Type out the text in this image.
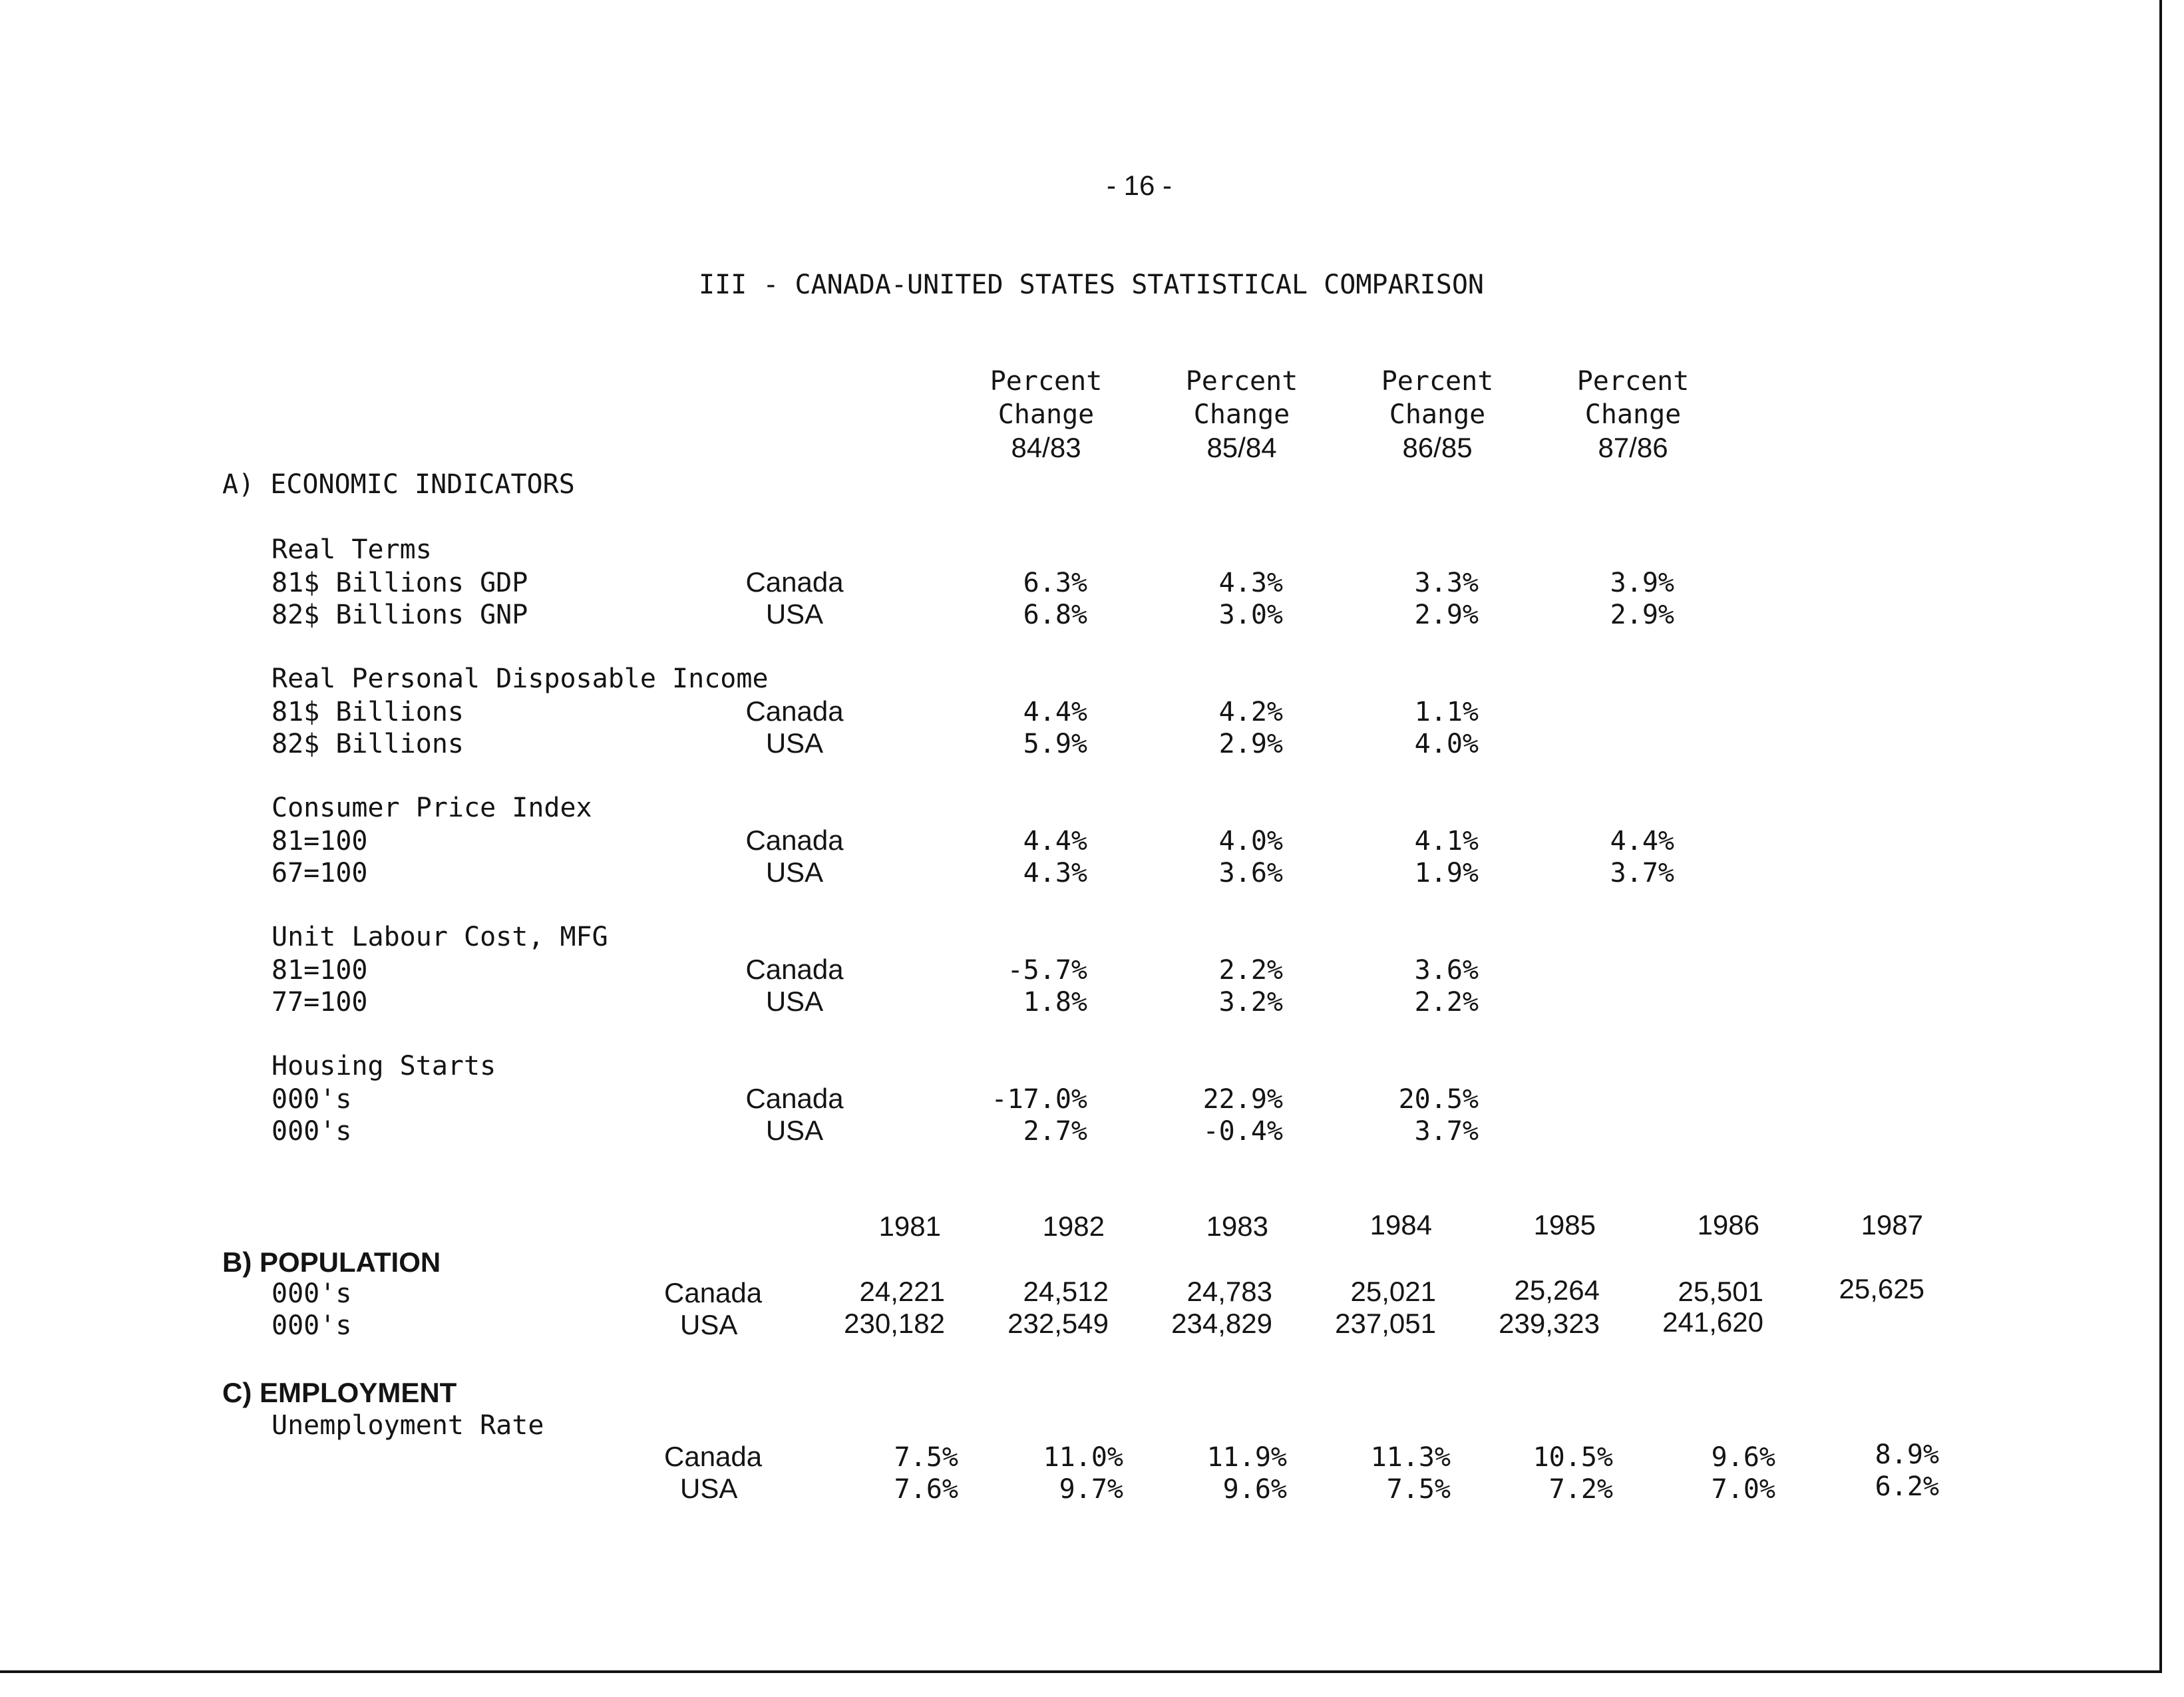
- 16 -
III - CANADA-UNITED STATES STATISTICAL COMPARISON
Percent
Change
84/83
Percent
Change
85/84
Percent
Change
86/85
Percent
Change
87/86
A) ECONOMIC INDICATORS
Real Terms
81$ Billions GDP	Canada	6.3%	4.3%	3.3%	3.9%
82$ Billions GNP	USA	6.8%	3.0%	2.9%	2.9%
Real Personal Disposable Income
81$ Billions	Canada	4.4%	4.2%	1.1%
82$ Billions	USA	5.9%	2.9%	4.0%
Consumer Price Index
81=100	Canada	4.4%	4.0%	4.1%	4.4%
67=100	USA	4.3%	3.6%	1.9%	3.7%
Unit Labour Cost, MFG
81=100	Canada	-5.7%	2.2%	3.6%
77=100	USA	1.8%	3.2%	2.2%
Housing Starts
000's	Canada	-17.0%	22.9%	20.5%
000's	USA	2.7%	-0.4%	3.7%
1981	1982	1983	1984	1985	1986	1987
B) POPULATION
000's	Canada	24,221	24,512	24,783	25,021	25,264	25,501	25,625
000's	USA	230,182 232,549 234,829 237,051 239,323 241,620
C) EMPLOYMENT
Unemployment Rate
Canada	7.5%	11.0%	11.9%	11.3%	10.5%	9.6%	8.9%
USA	7.6%	9.7%	9.6%	7.5%	7.2%	7.0%	6.2%
